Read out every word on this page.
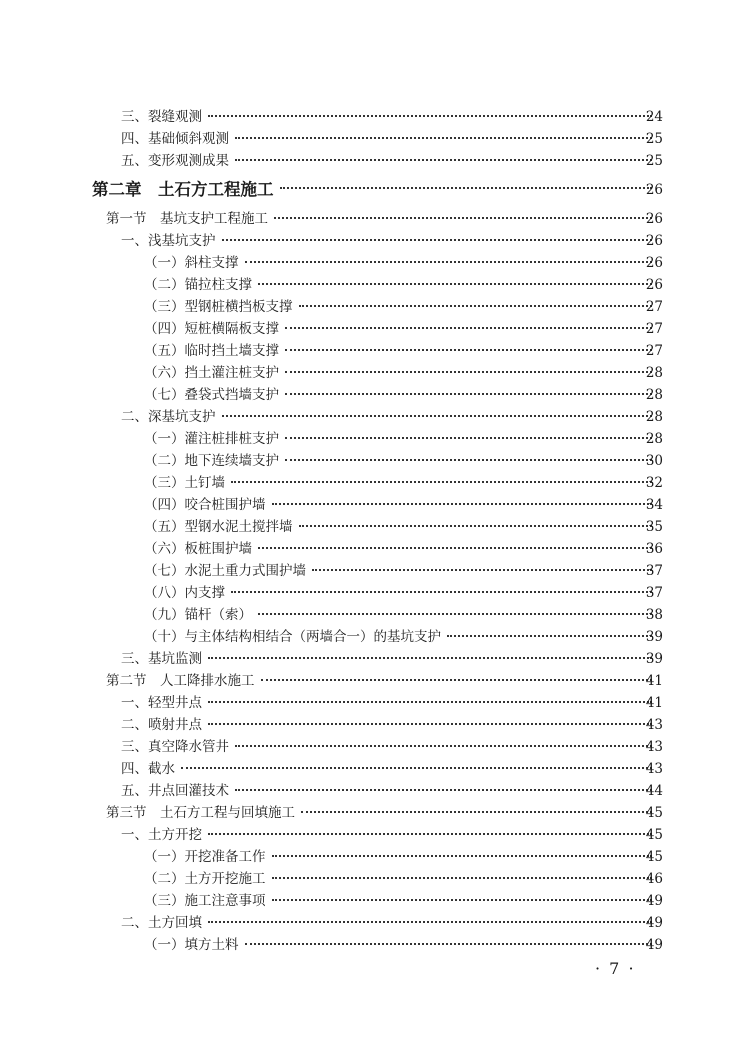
三、裂缝观测	24
四、基础倾斜观测	25
五、变形观测成果	25
第二章　土石方工程施工	26
第一节　基坑支护工程施工	26
一、浅基坑支护	26
（一）斜柱支撑	26
（二）锚拉柱支撑	26
（三）型钢桩横挡板支撑	27
（四）短桩横隔板支撑	27
（五）临时挡土墙支撑	27
（六）挡土灌注桩支护	28
（七）叠袋式挡墙支护	28
二、深基坑支护	28
（一）灌注桩排桩支护	28
（二）地下连续墙支护	30
（三）土钉墙	32
（四）咬合桩围护墙	34
（五）型钢水泥土搅拌墙	35
（六）板桩围护墙	36
（七）水泥土重力式围护墙	37
（八）内支撑	37
（九）锚杆（索）	38
（十）与主体结构相结合（两墙合一）的基坑支护	39
三、基坑监测	39
第二节　人工降排水施工	41
一、轻型井点	41
二、喷射井点	43
三、真空降水管井	43
四、截水	43
五、井点回灌技术	44
第三节　土石方工程与回填施工	45
一、土方开挖	45
（一）开挖准备工作	45
（二）土方开挖施工	46
（三）施工注意事项	49
二、土方回填	49
（一）填方土料	49
· 7 ·
